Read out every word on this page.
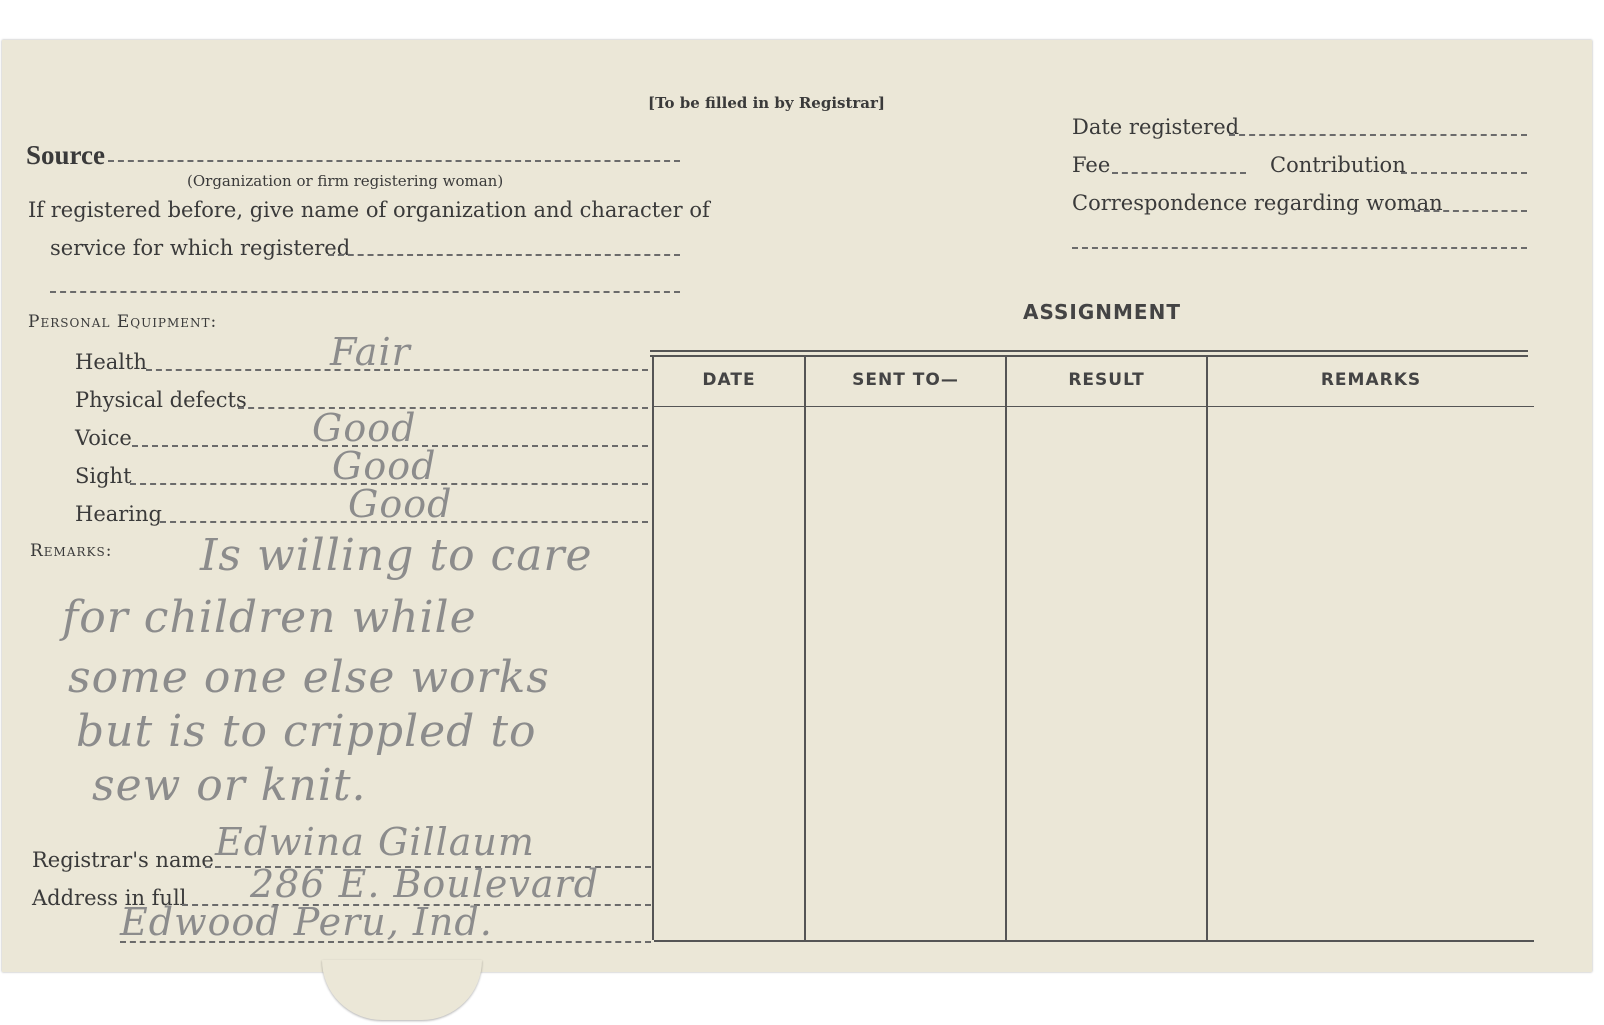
[To be filled in by Registrar]
Source
(Organization or firm registering woman)
If registered before, give name of organization and character of
service for which registered
Date registered
Fee	Contribution
Correspondence regarding woman
Personal Equipment:
Health	Fair
Physical defects
Voice	Good
Sight	Good
Hearing	Good
Remarks: Is willing to care
for children while
some one else works
but is to crippled to
sew or knit.
Registrar's name Edwina Gillaum
Address in full 286 E. Boulevard
Edwood Peru, Ind.
ASSIGNMENT
DATE	SENT TO—	RESULT	REMARKS
